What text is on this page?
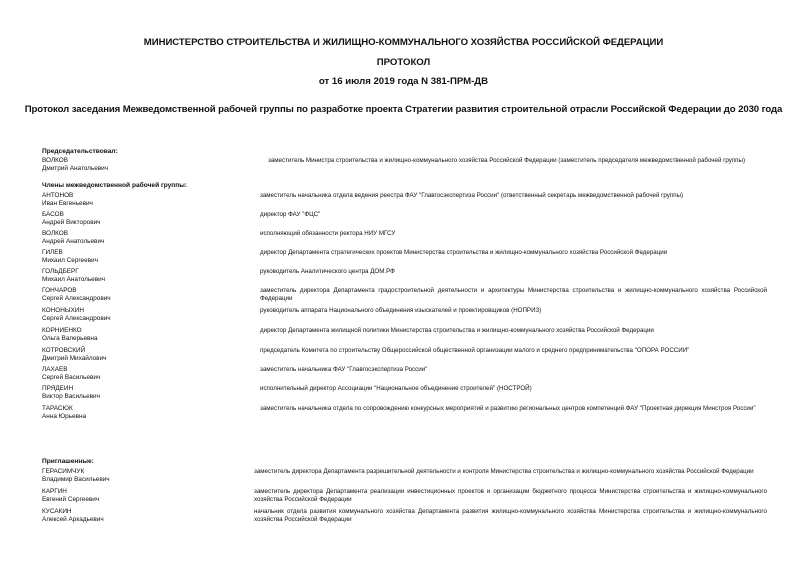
МИНИСТЕРСТВО СТРОИТЕЛЬСТВА И ЖИЛИЩНО-КОММУНАЛЬНОГО ХОЗЯЙСТВА РОССИЙСКОЙ ФЕДЕРАЦИИ
ПРОТОКОЛ
от 16 июля 2019 года N 381-ПРМ-ДВ
Протокол заседания Межведомственной рабочей группы по разработке проекта Стратегии развития строительной отрасли Российской Федерации до 2030 года
Председательствовал:
ВОЛКОВ
Дмитрий Анатольевич
заместитель Министра строительства и жилищно-коммунального хозяйства Российской Федерации (заместитель председателя межведомственной рабочей группы)
Члены межведомственной рабочей группы:
АНТОНОВ
Иван Евгеньевич
заместитель начальника отдела ведения реестра ФАУ "Главгосэкспертиза России" (ответственный секретарь межведомственной рабочей группы)
БАСОВ
Андрей Викторович
директор ФАУ "ФЦС"
ВОЛКОВ
Андрей Анатольевич
исполняющий обязанности ректора НИУ МГСУ
ГИЛЕВ
Михаил Сергеевич
директор Департамента стратегических проектов Министерства строительства и жилищно-коммунального хозяйства Российской Федерации
ГОЛЬДБЕРГ
Михаил Анатольевич
руководитель Аналитического центра ДОМ.РФ
ГОНЧАРОВ
Сергей Александрович
заместитель директора Департамента градостроительной деятельности и архитектуры Министерства строительства и жилищно-коммунального хозяйства Российской Федерации
КОНОНЫХИН
Сергей Александрович
руководитель аппарата Национального объединения изыскателей и проектировщиков (НОПРИЗ)
КОРНИЕНКО
Ольга Валерьевна
директор Департамента жилищной политики Министерства строительства и жилищно-коммунального хозяйства Российской Федерации
КОТРОВСКИЙ
Дмитрий Михайлович
председатель Комитета по строительству Общероссийской общественной организации малого и среднего предпринимательства "ОПОРА РОССИИ"
ЛАХАЕВ
Сергей Васильевич
заместитель начальника ФАУ "Главгосэкспертиза России"
ПРЯДЕИН
Виктор Васильевич
исполнительный директор Ассоциации "Национальное объединение строителей" (НОСТРОЙ)
ТАРАСЮК
Анна Юрьевна
заместитель начальника отдела по сопровождению конкурсных мероприятий и развитию региональных центров компетенций ФАУ "Проектная дирекция Минстроя России"
Приглашенные:
ГЕРАСИМЧУК
Владимир Васильевич
заместитель директора Департамента разрешительной деятельности и контроля Министерства строительства и жилищно-коммунального хозяйства Российской Федерации
КАРГИН
Евгений Сергеевич
заместитель директора Департамента реализации инвестиционных проектов и организации бюджетного процесса Министерства строительства и жилищно-коммунального хозяйства Российской Федерации
КУСАКИН
Алексей Аркадьевич
начальник отдела развития коммунального хозяйства Департамента развития жилищно-коммунального хозяйства Министерства строительства и жилищно-коммунального хозяйства Российской Федерации
